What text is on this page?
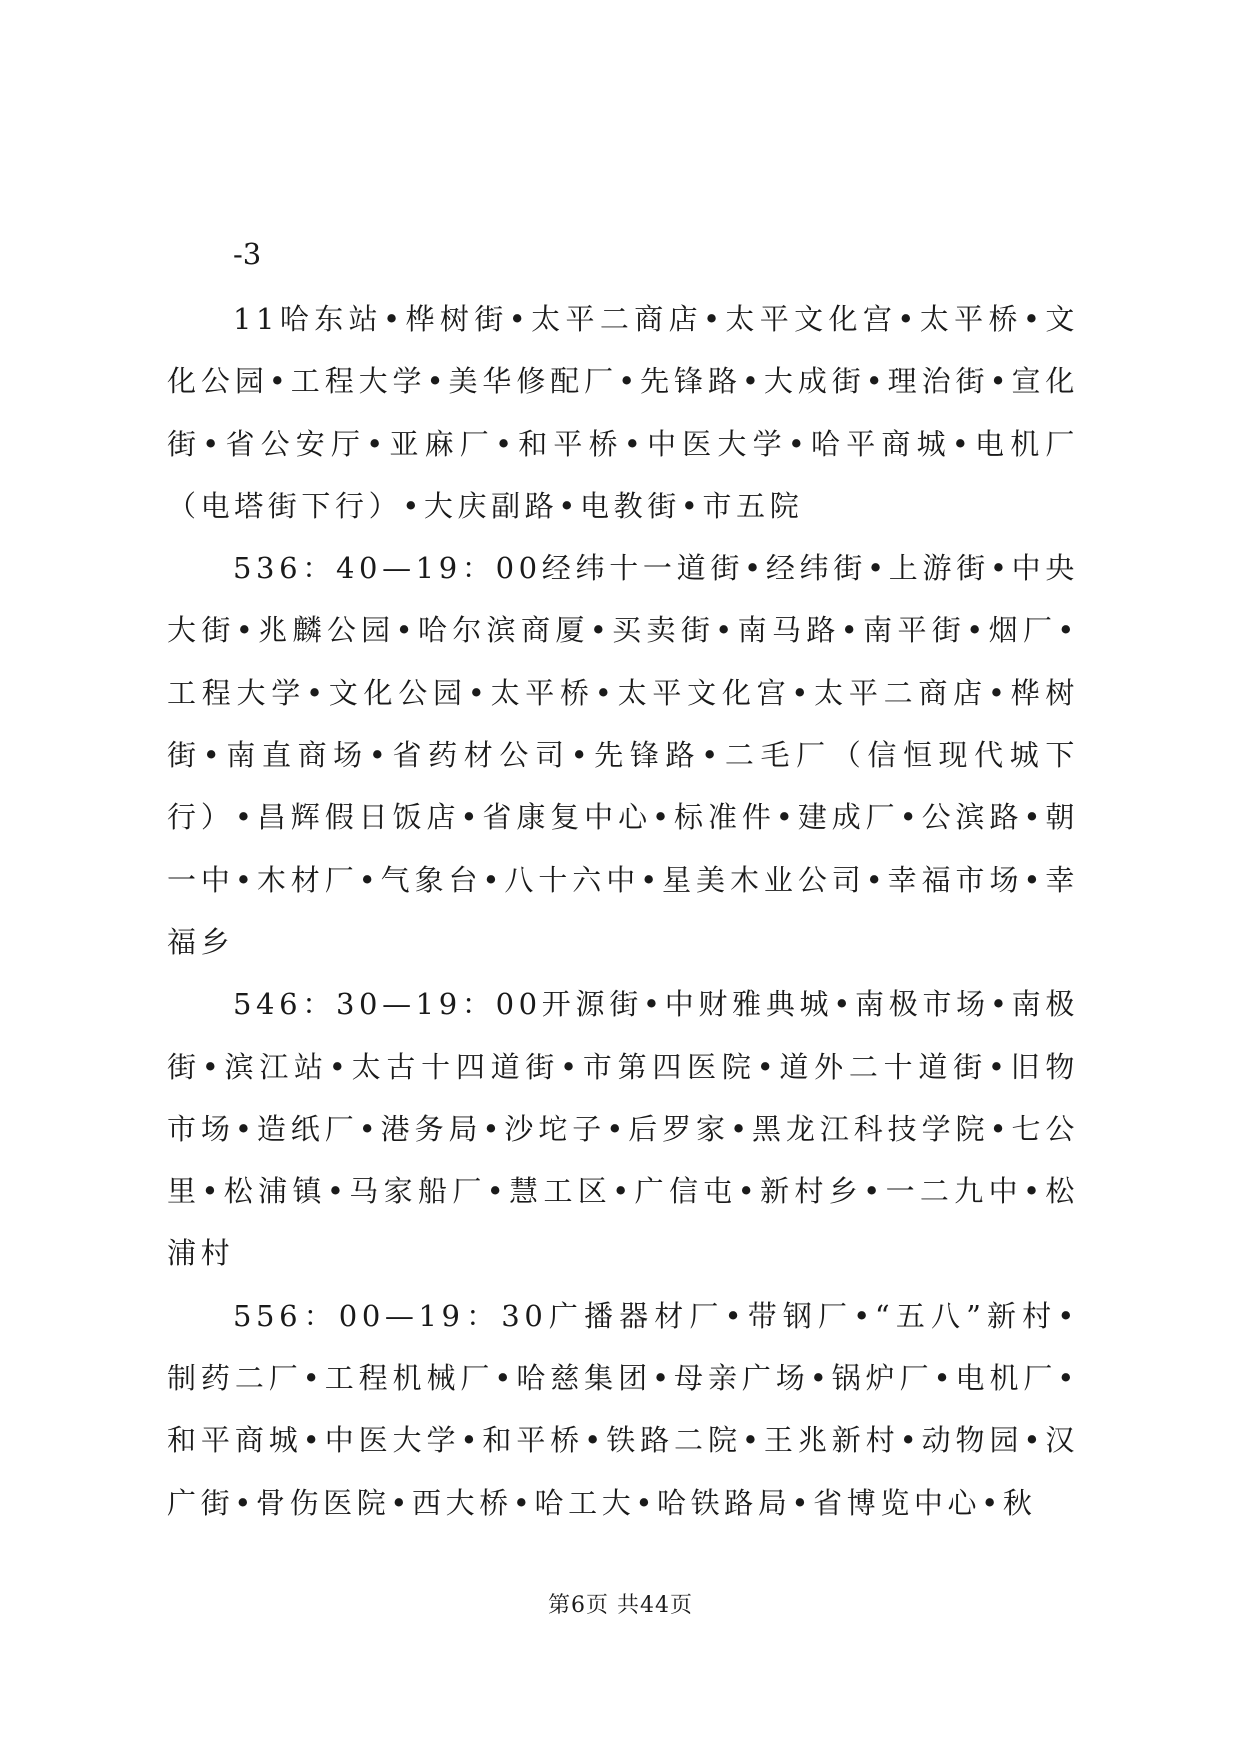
-3

11哈东站•桦树街•太平二商店•太平文化宫•太平桥•文化公园•工程大学•美华修配厂•先锋路•大成街•理治街•宣化街•省公安厅•亚麻厂•和平桥•中医大学•哈平商城•电机厂（电塔街下行）•大庆副路•电教街•市五院

536：40—19：00经纬十一道街•经纬街•上游街•中央大街•兆麟公园•哈尔滨商厦•买卖街•南马路•南平街•烟厂•工程大学•文化公园•太平桥•太平文化宫•太平二商店•桦树街•南直商场•省药材公司•先锋路•二毛厂（信恒现代城下行）•昌辉假日饭店•省康复中心•标准件•建成厂•公滨路•朝一中•木材厂•气象台•八十六中•星美木业公司•幸福市场•幸福乡

546：30—19：00开源街•中财雅典城•南极市场•南极街•滨江站•太古十四道街•市第四医院•道外二十道街•旧物市场•造纸厂•港务局•沙坨子•后罗家•黑龙江科技学院•七公里•松浦镇•马家船厂•慧工区•广信屯•新村乡•一二九中•松浦村

556：00—19：30广播器材厂•带钢厂•“五八”新村•制药二厂•工程机械厂•哈慈集团•母亲广场•锅炉厂•电机厂•和平商城•中医大学•和平桥•铁路二院•王兆新村•动物园•汉广街•骨伤医院•西大桥•哈工大•哈铁路局•省博览中心•秋

第6页 共44页
